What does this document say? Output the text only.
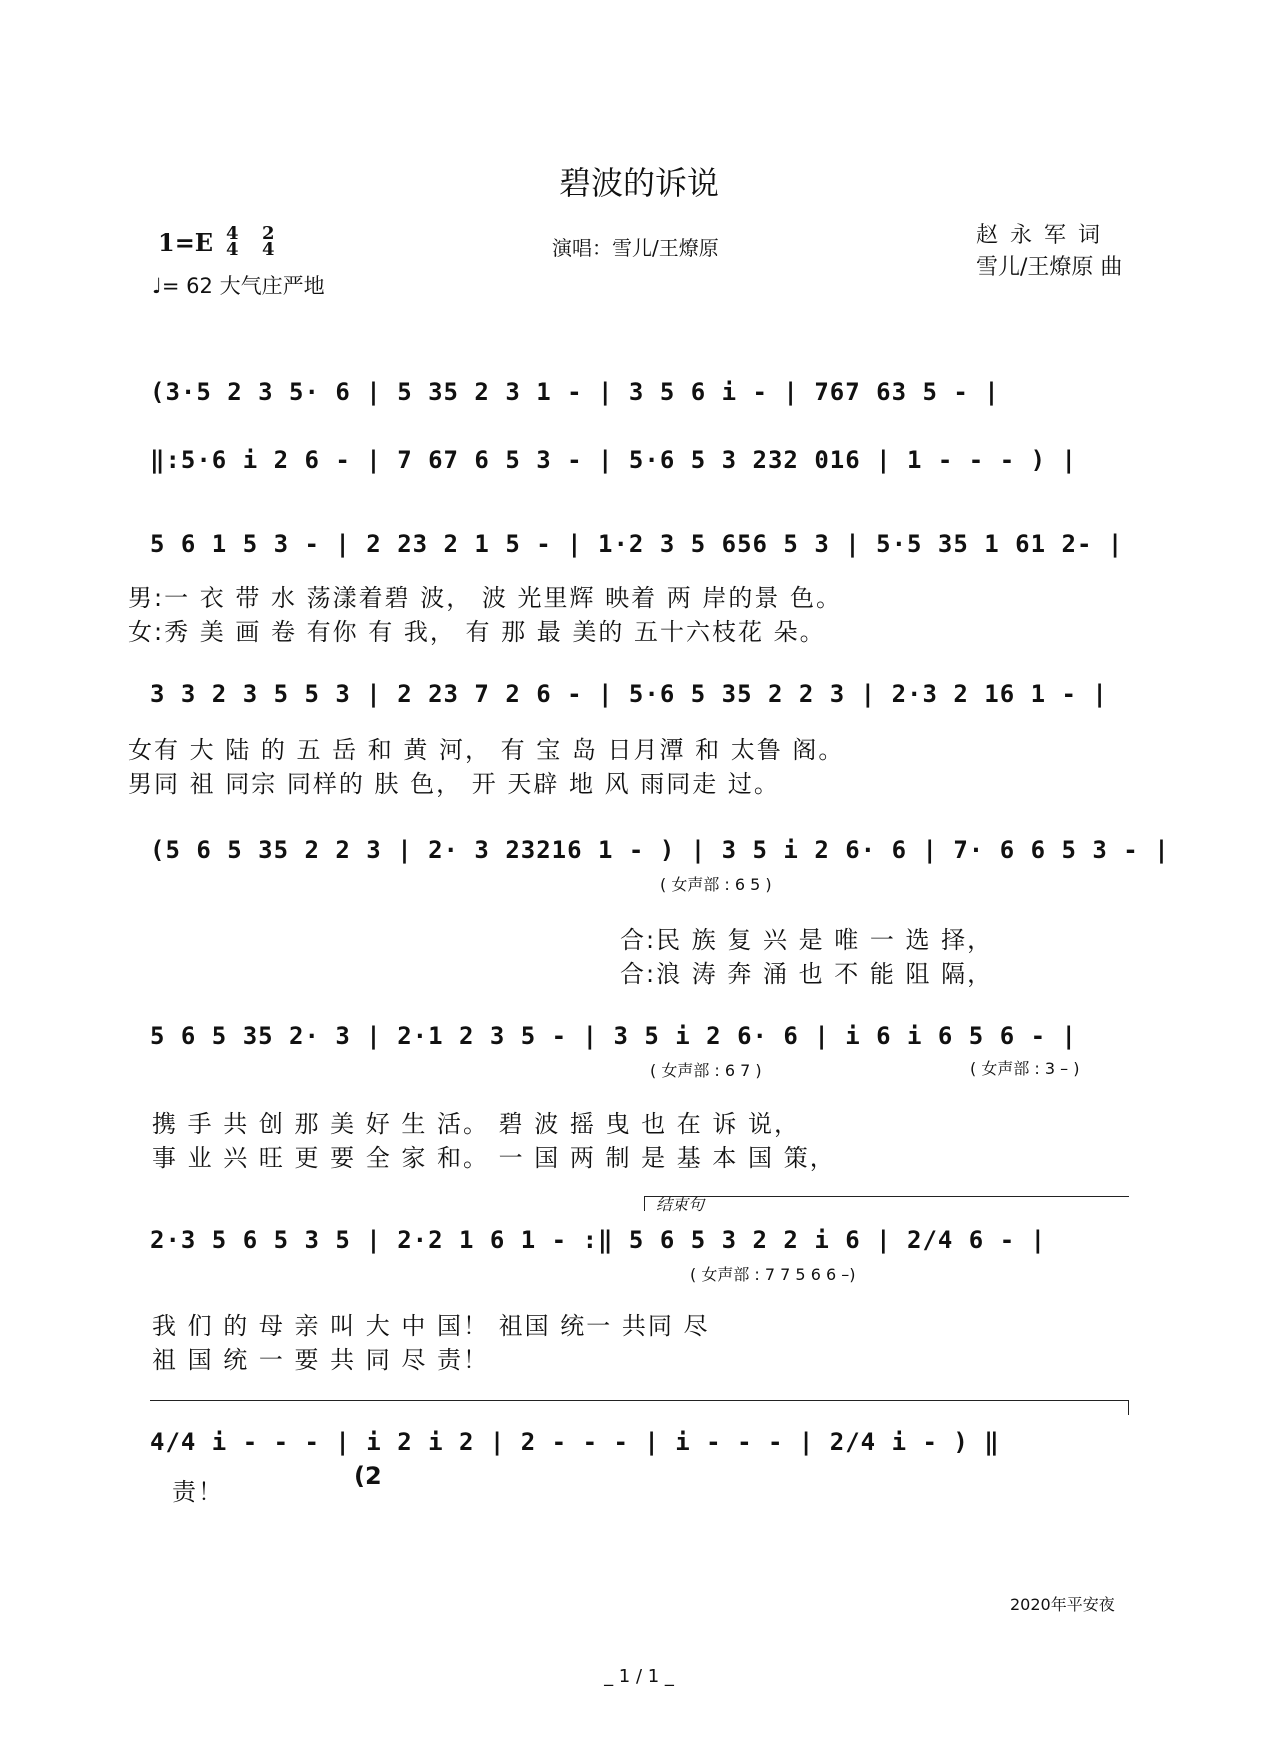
碧波的诉说
1=E 4
4
2
4
♩= 62 大气庄严地
演唱：雪儿/王燎原	赵永军词
雪儿/王燎原 曲
(3·5 2 3 5· 6 | 5 35 2 3 1 - | 3 5 6 i - | 767 63 5 - |
‖:5·6 i 2 6 - | 7 67 6 5 3 - | 5·6 5 3 232 016 | 1 - - - ) |
5 6 1 5 3 - | 2 23 2 1 5 - | 1·2 3 5 656 5 3 | 5·5 35 1 61 2- |
男:一 衣 带 水 荡漾着碧 波， 波 光里辉 映着 两 岸的景 色。
女:秀 美 画 卷 有你 有 我， 有 那 最 美的 五十六枝花 朵。
3 3 2 3 5 5 3 | 2 23 7 2 6 - | 5·6 5 35 2 2 3 | 2·3 2 16 1 - |
女有 大 陆 的 五 岳 和 黄 河， 有 宝 岛 日月潭 和 太鲁 阁。
男同 祖 同宗 同样的 肤 色， 开 天辟 地 风 雨同走 过。
(5 6 5 35 2 2 3 | 2· 3 23216 1 - ) | 3 5 i 2 6· 6 | 7· 6 6 5 3 - |
( 女声部 : 6 5 )
合:民 族 复 兴 是 唯 一 选 择，
合:浪 涛 奔 涌 也 不 能 阻 隔，
5 6 5 35 2· 3 | 2·1 2 3 5 - | 3 5 i 2 6· 6 | i 6 i 6 5 6 - |
( 女声部 : 6 7 )	( 女声部 : 3 – )
携 手 共 创 那 美 好 生 活。 碧 波 摇 曳 也 在 诉 说，
事 业 兴 旺 更 要 全 家 和。 一 国 两 制 是 基 本 国 策，
结束句
2·3 5 6 5 3 5 | 2·2 1 6 1 - :‖ 5 6 5 3 2 2 i 6 | 2/4 6 - |
( 女声部 : 7 7 5 6 6 –)
我 们 的 母 亲 叫 大 中 国！ 祖国 统一 共同 尽
祖 国 统 一 要 共 同 尽 责！
4/4 i - - - | i 2 i 2 | 2 - - - | i - - - | 2/4 i - ) ‖
责！
(2
2020年平安夜
_ 1 / 1 _
